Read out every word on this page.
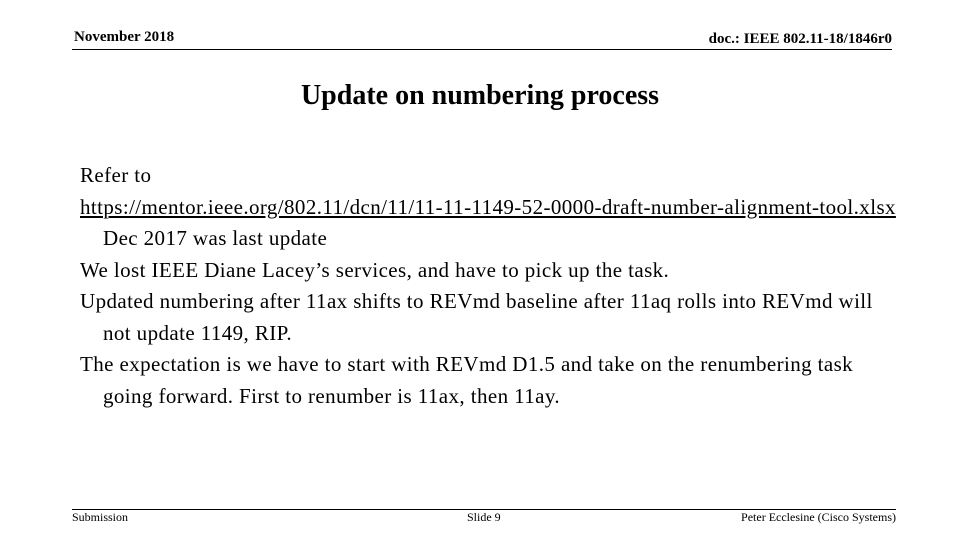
November 2018	doc.: IEEE 802.11-18/1846r0
Update on numbering process

Refer to

https://mentor.ieee.org/802.11/dcn/11/11-11-1149-52-0000-draft-number-alignment-tool.xlsx Dec 2017 was last update

We lost IEEE Diane Lacey’s services, and have to pick up the task.

Updated numbering after 11ax shifts to REVmd baseline after 11aq rolls into REVmd will not update 1149, RIP.

The expectation is we have to start with REVmd D1.5 and take on the renumbering task going forward. First to renumber is 11ax, then 11ay.

Submission	Slide 9	Peter Ecclesine (Cisco Systems)
